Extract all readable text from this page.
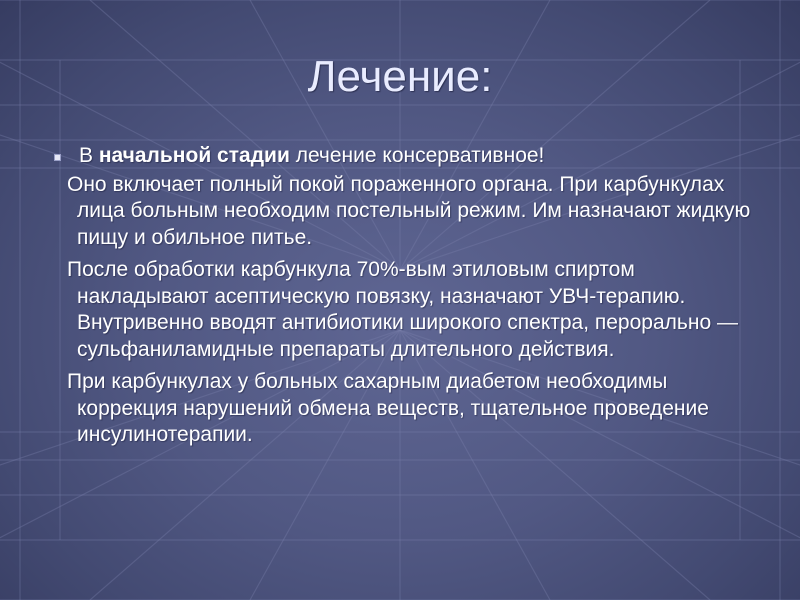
Лечение:

В начальной стадии лечение консервативное!

Оно включает полный покой пораженного органа. При карбункулах лица больным необходим постельный режим. Им назначают жидкую пищу и обильное питье.

После обработки карбункула 70%-вым этиловым спиртом накладывают асептическую повязку, назначают УВЧ-терапию. Внутривенно вводят антибиотики широкого спектра, перорально — сульфаниламидные препараты длительного действия.

При карбункулах у больных сахарным диабетом необходимы коррекция нарушений обмена веществ, тщательное проведение инсулинотерапии.
